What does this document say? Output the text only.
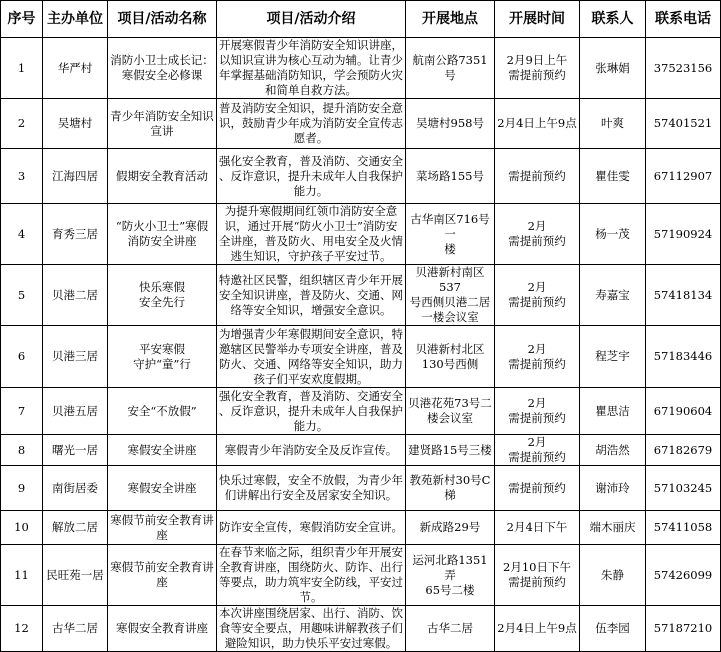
序号	主办单位	项目/活动名称	项目/活动介绍	开展地点	开展时间	联系人	联系电话
1	华严村	消防小卫士成长记：
寒假安全必修课	开展寒假青少年消防安全知识讲座，
以知识宣讲为核心互动为辅。让青少
年掌握基础消防知识，学会预防火灾
和简单自救方法。	航南公路7351号	2月9日上午
需提前预约	张琳娟	37523156
2	吴塘村	青少年消防安全知识
宣讲	普及消防安全知识，提升消防安全意
识，鼓励青少年成为消防安全宣传志
愿者。	吴塘村958号	2月4日上午9点	叶爽	57401521
3	江海四居	假期安全教育活动	强化安全教育，普及消防、交通安全
、反诈意识，提升未成年人自我保护
能力。	菜场路155号	需提前预约	瞿佳雯	67112907
4	育秀三居	“防火小卫士”寒假
消防安全讲座	为提升寒假期间红领巾消防安全意
识，通过开展“防火小卫士”消防安
全讲座，普及防火、用电安全及火情
逃生知识，守护孩子平安过节。	古华南区716号一
楼	2月
需提前预约	杨一茂	57190924
5	贝港二居	快乐寒假
安全先行	特邀社区民警，组织辖区青少年开展
安全知识讲座，普及防火、交通、网
络等安全知识，增强安全意识。	贝港新村南区537
号西侧贝港二居
一楼会议室	2月
需提前预约	寿嘉宝	57418134
6	贝港三居	平安寒假
守护“童”行	为增强青少年寒假期间安全意识，特
邀辖区民警举办专项安全讲座，普及
防火、交通、网络等安全知识，助力
孩子们平安欢度假期。	贝港新村北区
130号西侧	2月
需提前预约	程芝宇	57183446
7	贝港五居	安全“不放假”	强化安全教育，普及消防、交通安全
、反诈意识，提升未成年人自我保护
能力。	贝港花苑73号二
楼会议室	2月
需提前预约	瞿思洁	67190604
8	曙光一居	寒假安全讲座	寒假青少年消防安全及反诈宣传。	建贤路15号三楼	2月
需提前预约	胡浩然	67182679
9	南街居委	寒假安全讲座	快乐过寒假，安全不放假，为青少年
们讲解出行安全及居家安全知识。	教苑新村30号C梯	需提前预约	谢沛玲	57103245
10	解放二居	寒假节前安全教育讲
座	防诈安全宣传，寒假消防安全宣讲。	新成路29号	2月4日下午	端木丽庆	57411058
11	民旺苑一居	寒假节前安全教育讲
座	在春节来临之际，组织青少年开展安
全教育讲座，围绕防火、防诈、出行
等要点，助力筑牢安全防线，平安过
节。	运河北路1351弄
65号二楼	2月10日下午
需提前预约	朱静	57426099
12	古华二居	寒假安全教育讲座	本次讲座围绕居家、出行、消防、饮
食等安全要点，用趣味讲解教孩子们
避险知识，助力快乐平安过寒假。	古华二居	2月4日上午9点	伍李园	57187210
